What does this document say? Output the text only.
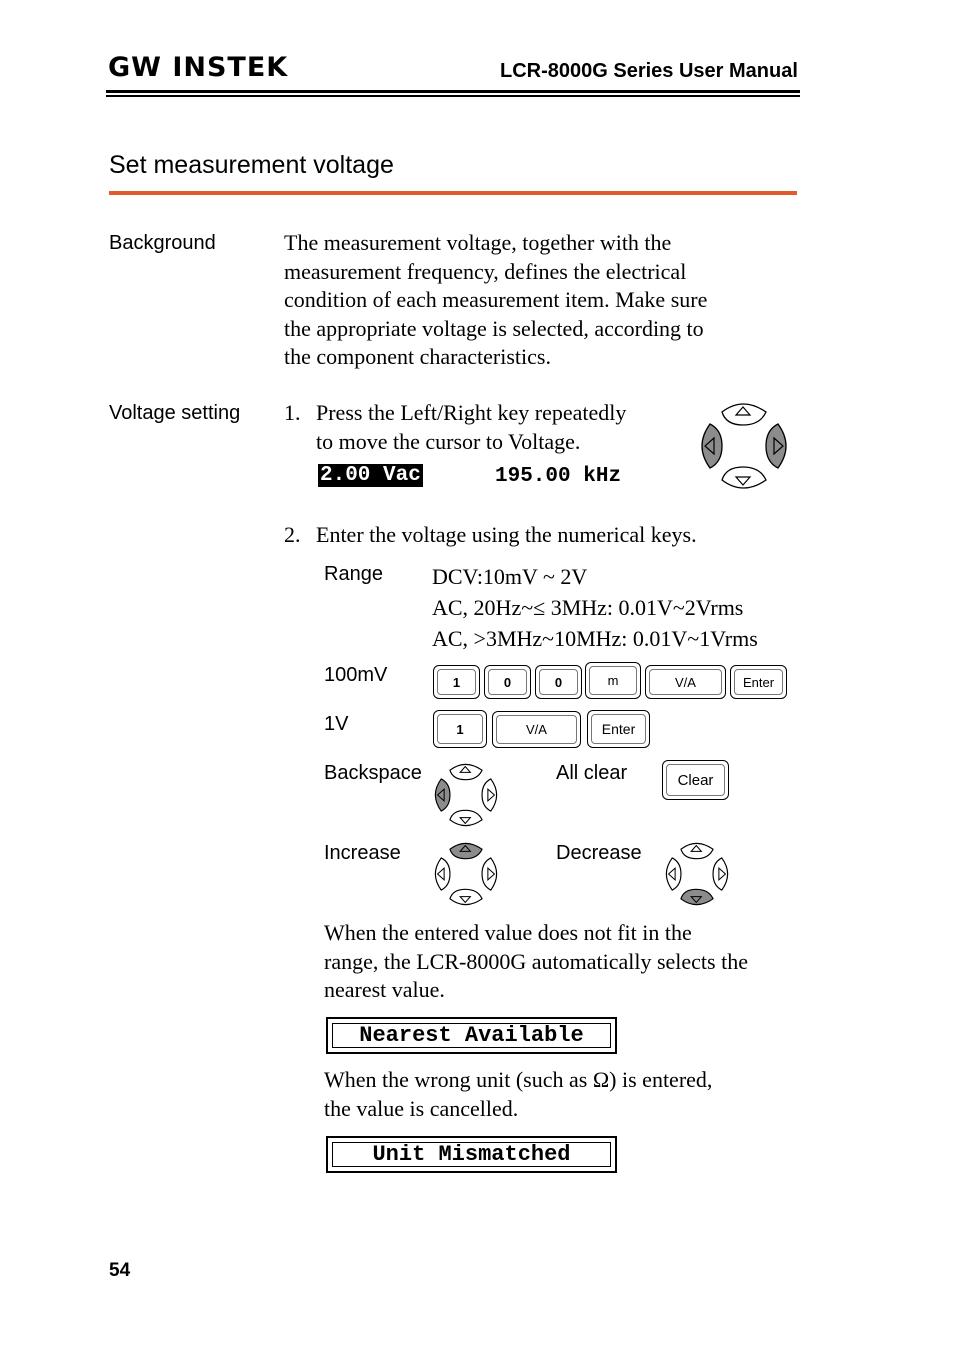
GW INSTEK	LCR-8000G Series User Manual
Set measurement voltage
Background	The measurement voltage, together with the
measurement frequency, defines the electrical
condition of each measurement item. Make sure
the appropriate voltage is selected, according to
the component characteristics.
Voltage setting 1. Press the Left/Right key repeatedly
to move the cursor to Voltage.
2.00 Vac	195.00 kHz
2. Enter the voltage using the numerical keys.
Range DCV:10mV ~ 2V
AC, 20Hz~≤ 3MHz: 0.01V~2Vrms
AC, >3MHz~10MHz: 0.01V~1Vrms
100mV	1	0	0	m	V/A	Enter
1V	1	V/A	Enter
Backspace	All clear	Clear
Increase	Decrease
When the entered value does not fit in the
range, the LCR-8000G automatically selects the
nearest value.
Nearest Available
When the wrong unit (such as Ω) is entered,
the value is cancelled.
Unit Mismatched
54
